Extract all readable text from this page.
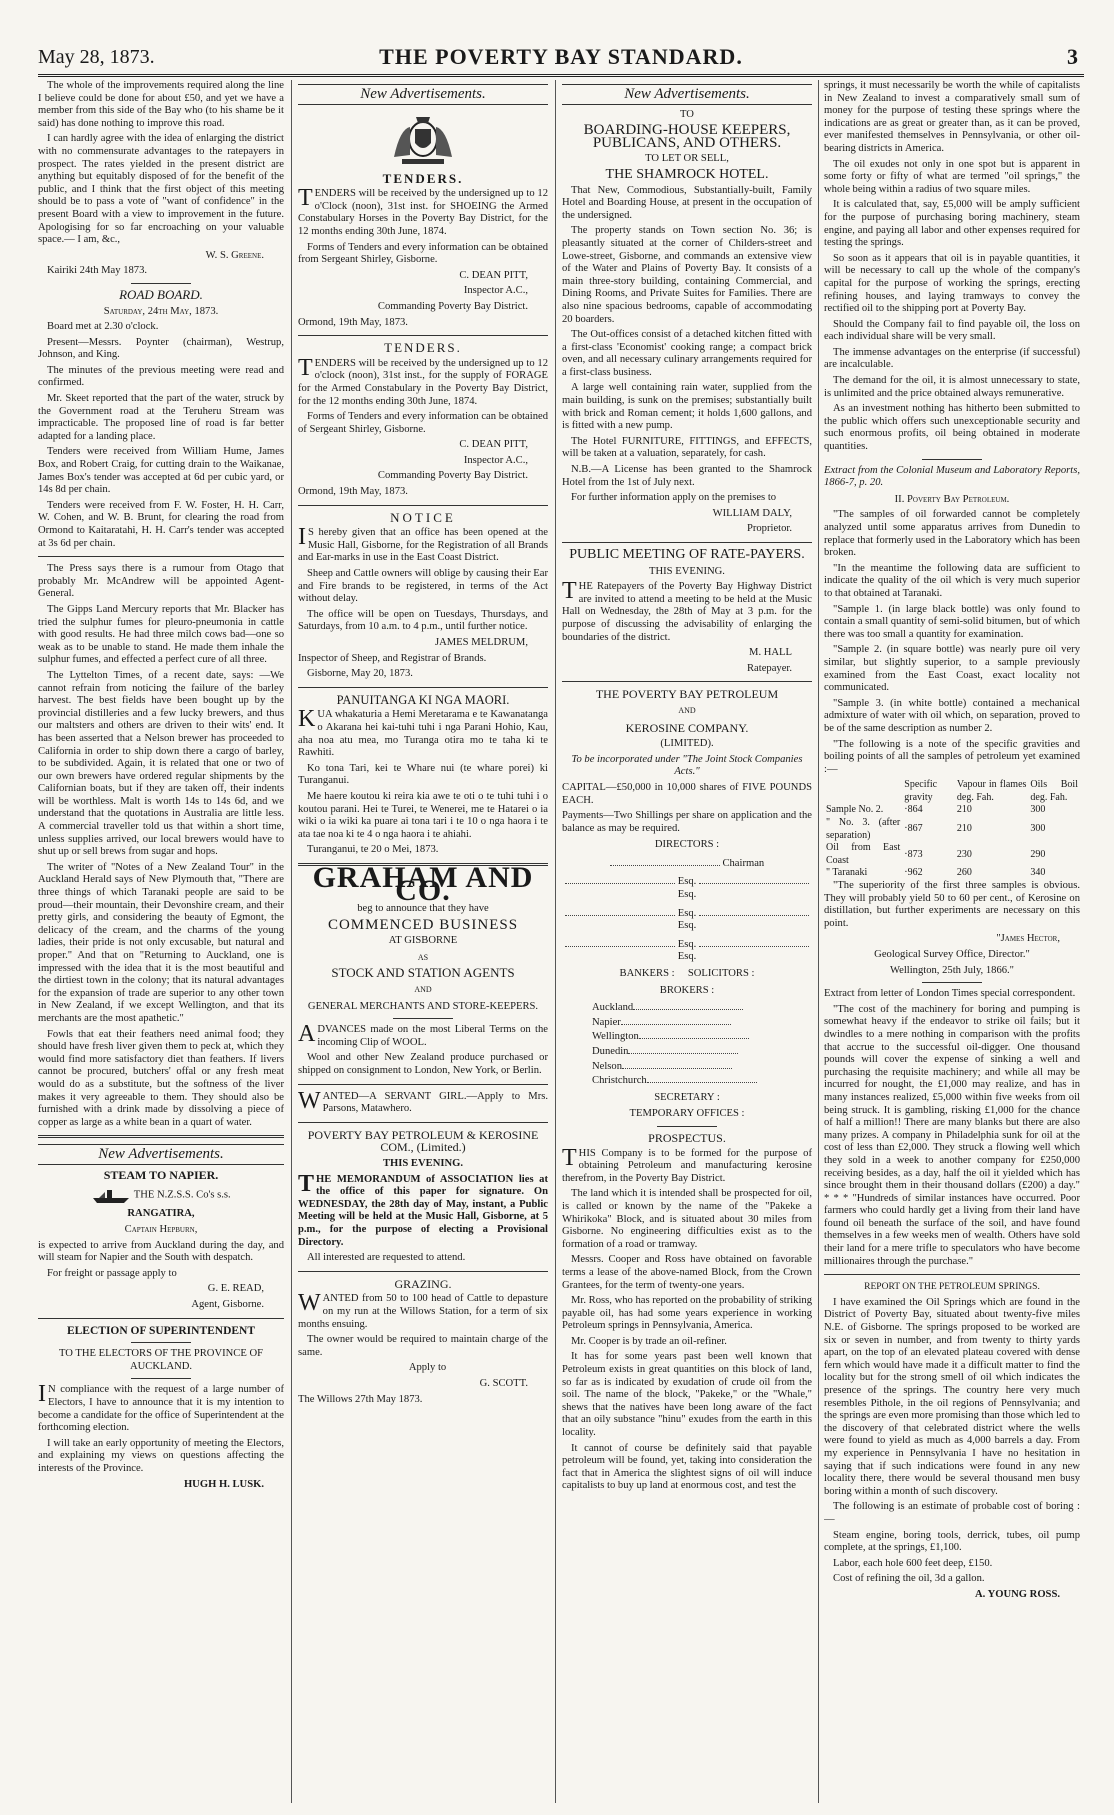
May 28, 1873.	THE POVERTY BAY STANDARD.	3

The whole of the improvements required along the line I believe could be done for about £50, and yet we have a member from this side of the Bay who (to his shame be it said) has done nothing to improve this road.

I can hardly agree with the idea of enlarging the district with no commensurate advantages to the ratepayers in prospect. The rates yielded in the present district are anything but equitably disposed of for the benefit of the public, and I think that the first object of this meeting should be to pass a vote of "want of confidence" in the present Board with a view to improvement in the future. Apologising for so far encroaching on your valuable space.— I am, &c.,

W. S. Greene.

Kairiki 24th May 1873.

ROAD BOARD.
Saturday, 24th May, 1873.

Board met at 2.30 o'clock.

Present—Messrs. Poynter (chairman), Westrup, Johnson, and King.

The minutes of the previous meeting were read and confirmed.

Mr. Skeet reported that the part of the water, struck by the Government road at the Teruheru Stream was impracticable. The proposed line of road is far better adapted for a landing place.

Tenders were received from William Hume, James Box, and Robert Craig, for cutting drain to the Waikanae, James Box's tender was accepted at 6d per cubic yard, or 14s 8d per chain.

Tenders were received from F. W. Foster, H. H. Carr, W. Cohen, and W. B. Brunt, for clearing the road from Ormond to Kaitaratahi, H. H. Carr's tender was accepted at 3s 6d per chain.

The Press says there is a rumour from Otago that probably Mr. McAndrew will be appointed Agent-General.

The Gipps Land Mercury reports that Mr. Blacker has tried the sulphur fumes for pleuro-pneumonia in cattle with good results. He had three milch cows bad—one so weak as to be unable to stand. He made them inhale the sulphur fumes, and effected a perfect cure of all three.

The Lyttelton Times, of a recent date, says: —We cannot refrain from noticing the failure of the barley harvest. The best fields have been bought up by the provincial distilleries and a few lucky brewers, and thus our maltsters and others are driven to their wits' end. It has been asserted that a Nelson brewer has proceeded to California in order to ship down there a cargo of barley, to be subdivided. Again, it is related that one or two of our own brewers have ordered regular shipments by the Californian boats, but if they are taken off, their indents will be worthless. Malt is worth 14s to 14s 6d, and we understand that the quotations in Australia are little less. A commercial traveller told us that within a short time, unless supplies arrived, our local brewers would have to shut up or sell brews from sugar and hops.

The writer of "Notes of a New Zealand Tour" in the Auckland Herald says of New Plymouth that, "There are three things of which Taranaki people are said to be proud—their mountain, their Devonshire cream, and their pretty girls, and considering the beauty of Egmont, the delicacy of the cream, and the charms of the young ladies, their pride is not only excusable, but natural and proper." And that on "Returning to Auckland, one is impressed with the idea that it is the most beautiful and the dirtiest town in the colony; that its natural advantages for the expansion of trade are superior to any other town in New Zealand, if we except Wellington, and that its merchants are the most apathetic."

Fowls that eat their feathers need animal food; they should have fresh liver given them to peck at, which they would find more satisfactory diet than feathers. If livers cannot be procured, butchers' offal or any fresh meat would do as a substitute, but the softness of the liver makes it very agreeable to them. They should also be furnished with a drink made by dissolving a piece of copper as large as a white bean in a quart of water.

New Advertisements.
STEAM TO NAPIER.
THE N.Z.S.S. Co's s.s.
RANGATIRA,
Captain Hepburn,

is expected to arrive from Auckland during the day, and will steam for Napier and the South with despatch.

For freight or passage apply to

G. E. READ,

Agent, Gisborne.

ELECTION OF SUPERINTENDENT
TO THE ELECTORS OF THE PROVINCE OF AUCKLAND.

IN compliance with the request of a large number of Electors, I have to announce that it is my intention to become a candidate for the office of Superintendent at the forthcoming election.

I will take an early opportunity of meeting the Electors, and explaining my views on questions affecting the interests of the Province.

HUGH H. LUSK.

New Advertisements.
TENDERS.

TENDERS will be received by the undersigned up to 12 o'Clock (noon), 31st inst. for SHOEING the Armed Constabulary Horses in the Poverty Bay District, for the 12 months ending 30th June, 1874.

Forms of Tenders and every information can be obtained from Sergeant Shirley, Gisborne.

C. DEAN PITT,

Inspector A.C.,

Commanding Poverty Bay District.

Ormond, 19th May, 1873.

TENDERS.

TENDERS will be received by the undersigned up to 12 o'clock (noon), 31st inst., for the supply of FORAGE for the Armed Constabulary in the Poverty Bay District, for the 12 months ending 30th June, 1874.

Forms of Tenders and every information can be obtained of Sergeant Shirley, Gisborne.

C. DEAN PITT,

Inspector A.C.,

Commanding Poverty Bay District.

Ormond, 19th May, 1873.

NOTICE

IS hereby given that an office has been opened at the Music Hall, Gisborne, for the Registration of all Brands and Ear-marks in use in the East Coast District.

Sheep and Cattle owners will oblige by causing their Ear and Fire brands to be registered, in terms of the Act without delay.

The office will be open on Tuesdays, Thursdays, and Saturdays, from 10 a.m. to 4 p.m., until further notice.

JAMES MELDRUM,

Inspector of Sheep, and Registrar of Brands.

Gisborne, May 20, 1873.

PANUITANGA KI NGA MAORI.

KUA whakaturia a Hemi Meretarama e te Kawanatanga o Akarana hei kai-tuhi tuhi i nga Parani Hohio, Kau, aha noa atu mea, mo Turanga otira mo te taha ki te Rawhiti.

Ko tona Tari, kei te Whare nui (te whare porei) ki Turanganui.

Me haere koutou ki reira kia awe te oti o te tuhi tuhi i o koutou parani. Hei te Turei, te Wenerei, me te Hatarei o ia wiki o ia wiki ka puare ai tona tari i te 10 o nga haora i te ata tae noa ki te 4 o nga haora i te ahiahi.

Turanganui, te 20 o Mei, 1873.

GRAHAM AND CO.
beg to announce that they have
COMMENCED BUSINESS
AT GISBORNE
AS
STOCK AND STATION AGENTS
AND
GENERAL MERCHANTS AND STORE-KEEPERS.

ADVANCES made on the most Liberal Terms on the incoming Clip of WOOL.

Wool and other New Zealand produce purchased or shipped on consignment to London, New York, or Berlin.

WANTED—A SERVANT GIRL.—Apply to Mrs. Parsons, Matawhero.

POVERTY BAY PETROLEUM & KEROSINE COM., (Limited.)
THIS EVENING.

THE MEMORANDUM of ASSOCIATION lies at the office of this paper for signature. On WEDNESDAY, the 28th day of May, instant, a Public Meeting will be held at the Music Hall, Gisborne, at 5 p.m., for the purpose of electing a Provisional Directory.

All interested are requested to attend.

GRAZING.

WANTED from 50 to 100 head of Cattle to depasture on my run at the Willows Station, for a term of six months ensuing.

The owner would be required to maintain charge of the same.

Apply to

G. SCOTT.

The Willows 27th May 1873.

New Advertisements.
TO
BOARDING-HOUSE KEEPERS, PUBLICANS, AND OTHERS.
TO LET OR SELL,
THE SHAMROCK HOTEL.

That New, Commodious, Substantially-built, Family Hotel and Boarding House, at present in the occupation of the undersigned.

The property stands on Town section No. 36; is pleasantly situated at the corner of Childers-street and Lowe-street, Gisborne, and commands an extensive view of the Water and Plains of Poverty Bay. It consists of a main three-story building, containing Commercial, and Dining Rooms, and Private Suites for Families. There are also nine spacious bedrooms, capable of accommodating 20 boarders.

The Out-offices consist of a detached kitchen fitted with a first-class 'Economist' cooking range; a compact brick oven, and all necessary culinary arrangements required for a first-class business.

A large well containing rain water, supplied from the main building, is sunk on the premises; substantially built with brick and Roman cement; it holds 1,600 gallons, and is fitted with a new pump.

The Hotel FURNITURE, FITTINGS, and EFFECTS, will be taken at a valuation, separately, for cash.

N.B.—A License has been granted to the Shamrock Hotel from the 1st of July next.

For further information apply on the premises to

WILLIAM DALY,

Proprietor.

PUBLIC MEETING OF RATE-PAYERS.
THIS EVENING.

THE Ratepayers of the Poverty Bay Highway District are invited to attend a meeting to be held at the Music Hall on Wednesday, the 28th of May at 3 p.m. for the purpose of discussing the advisability of enlarging the boundaries of the district.

M. HALL

Ratepayer.

THE POVERTY BAY PETROLEUM
AND
KEROSINE COMPANY.
(LIMITED).

To be incorporated under "The Joint Stock Companies Acts."

CAPITAL—£50,000 in 10,000 shares of FIVE POUNDS EACH.

Payments—Two Shillings per share on application and the balance as may be required.

DIRECTORS :
Chairman
Esq.  Esq.
Esq.  Esq.
Esq.  Esq.
BANKERS : SOLICITORS :
BROKERS :
Auckland
Napier
Wellington
Dunedin
Nelson
Christchurch
SECRETARY :
TEMPORARY OFFICES :
PROSPECTUS.

THIS Company is to be formed for the purpose of obtaining Petroleum and manufacturing kerosine therefrom, in the Poverty Bay District.

The land which it is intended shall be prospected for oil, is called or known by the name of the "Pakeke a Whirikoka" Block, and is situated about 30 miles from Gisborne. No engineering difficulties exist as to the formation of a road or tramway.

Messrs. Cooper and Ross have obtained on favorable terms a lease of the above-named Block, from the Crown Grantees, for the term of twenty-one years.

Mr. Ross, who has reported on the probability of striking payable oil, has had some years experience in working Petroleum springs in Pennsylvania, America.

Mr. Cooper is by trade an oil-refiner.

It has for some years past been well known that Petroleum exists in great quantities on this block of land, so far as is indicated by exudation of crude oil from the soil. The name of the block, "Pakeke," or the "Whale," shews that the natives have been long aware of the fact that an oily substance "hinu" exudes from the earth in this locality.

It cannot of course be definitely said that payable petroleum will be found, yet, taking into consideration the fact that in America the slightest signs of oil will induce capitalists to buy up land at enormous cost, and test the

springs, it must necessarily be worth the while of capitalists in New Zealand to invest a comparatively small sum of money for the purpose of testing these springs where the indications are as great or greater than, as it can be proved, ever manifested themselves in Pennsylvania, or other oil-bearing districts in America.

The oil exudes not only in one spot but is apparent in some forty or fifty of what are termed "oil springs," the whole being within a radius of two square miles.

It is calculated that, say, £5,000 will be amply sufficient for the purpose of purchasing boring machinery, steam engine, and paying all labor and other expenses required for testing the springs.

So soon as it appears that oil is in payable quantities, it will be necessary to call up the whole of the company's capital for the purpose of working the springs, erecting refining houses, and laying tramways to convey the rectified oil to the shipping port at Poverty Bay.

Should the Company fail to find payable oil, the loss on each individual share will be very small.

The immense advantages on the enterprise (if successful) are incalculable.

The demand for the oil, it is almost unnecessary to state, is unlimited and the price obtained always remunerative.

As an investment nothing has hitherto been submitted to the public which offers such unexceptionable security and such enormous profits, oil being obtained in moderate quantities.

Extract from the Colonial Museum and Laboratory Reports, 1866-7, p. 20.

II. Poverty Bay Petroleum.

"The samples of oil forwarded cannot be completely analyzed until some apparatus arrives from Dunedin to replace that formerly used in the Laboratory which has been broken.

"In the meantime the following data are sufficient to indicate the quality of the oil which is very much superior to that obtained at Taranaki.

"Sample 1. (in large black bottle) was only found to contain a small quantity of semi-solid bitumen, but of which there was too small a quantity for examination.

"Sample 2. (in square bottle) was nearly pure oil very similar, but slightly superior, to a sample previously examined from the East Coast, exact locality not communicated.

"Sample 3. (in white bottle) contained a mechanical admixture of water with oil which, on separation, proved to be of the same description as number 2.

"The following is a note of the specific gravities and boiling points of all the samples of petroleum yet examined :—

	Specific gravity	Vapour in flames deg. Fah.	Oils Boil deg. Fah.
Sample No. 2.	·864	210	300
" No. 3. (after separation)	·867	210	300
Oil from East Coast	·873	230	290
" Taranaki	·962	260	340

"The superiority of the first three samples is obvious. They will probably yield 50 to 60 per cent., of Kerosine on distillation, but further experiments are necessary on this point.

"James Hector,

Geological Survey Office, Director."

Wellington, 25th July, 1866."

Extract from letter of London Times special correspondent.

"The cost of the machinery for boring and pumping is somewhat heavy if the endeavor to strike oil fails; but it dwindles to a mere nothing in comparison with the profits that accrue to the successful oil-digger. One thousand pounds will cover the expense of sinking a well and purchasing the requisite machinery; and while all may be incurred for nought, the £1,000 may realize, and has in many instances realized, £5,000 within five weeks from oil being struck. It is gambling, risking £1,000 for the chance of half a million!! There are many blanks but there are also many prizes. A company in Philadelphia sunk for oil at the cost of less than £2,000. They struck a flowing well which they sold in a week to another company for £250,000 receiving besides, as a day, half the oil it yielded which has since brought them in their thousand dollars (£200) a day." * * * "Hundreds of similar instances have occurred. Poor farmers who could hardly get a living from their land have found oil beneath the surface of the soil, and have found themselves in a few weeks men of wealth. Others have sold their land for a mere trifle to speculators who have become millionaires through the purchase."

REPORT ON THE PETROLEUM SPRINGS.

I have examined the Oil Springs which are found in the District of Poverty Bay, situated about twenty-five miles N.E. of Gisborne. The springs proposed to be worked are six or seven in number, and from twenty to thirty yards apart, on the top of an elevated plateau covered with dense fern which would have made it a difficult matter to find the locality but for the strong smell of oil which indicates the presence of the springs. The country here very much resembles Pithole, in the oil regions of Pennsylvania; and the springs are even more promising than those which led to the discovery of that celebrated district where the wells were found to yield as much as 4,000 barrels a day. From my experience in Pennsylvania I have no hesitation in saying that if such indications were found in any new locality there, there would be several thousand men busy boring within a month of such discovery.

The following is an estimate of probable cost of boring :—

Steam engine, boring tools, derrick, tubes, oil pump complete, at the springs, £1,100.

Labor, each hole 600 feet deep, £150.

Cost of refining the oil, 3d a gallon.

A. YOUNG ROSS.
